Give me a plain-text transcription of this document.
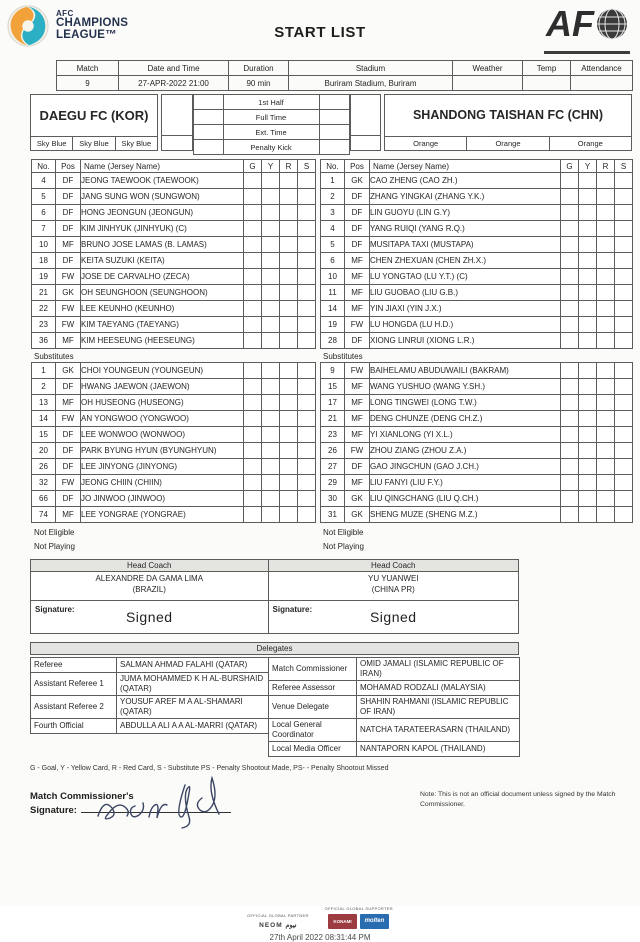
AFC
CHAMPIONS
LEAGUE™	START LIST	AF
Match	Date and Time	Duration	Stadium	Weather	Temp	Attendance
9	27-APR-2022 21:00	90 min	Buriram Stadium, Buriram			
DAEGU FC (KOR)
Sky Blue	Sky Blue	Sky Blue
	1st Half	
	Full Time	
	Ext. Time	
	Penalty Kick	
SHANDONG TAISHAN FC (CHN)
Orange	Orange	Orange
No.	Pos	Name (Jersey Name)	G	Y	R	S
4	DF	JEONG TAEWOOK (TAEWOOK)				
5	DF	JANG SUNG WON (SUNGWON)				
6	DF	HONG JEONGUN (JEONGUN)				
7	DF	KIM JINHYUK (JINHYUK) (C)				
10	MF	BRUNO JOSE LAMAS (B. LAMAS)				
18	DF	KEITA SUZUKI (KEITA)				
19	FW	JOSE DE CARVALHO (ZECA)				
21	GK	OH SEUNGHOON (SEUNGHOON)				
22	FW	LEE KEUNHO (KEUNHO)				
23	FW	KIM TAEYANG (TAEYANG)				
36	MF	KIM HEESEUNG (HEESEUNG)				
Substitutes
1	GK	CHOI YOUNGEUN (YOUNGEUN)				
2	DF	HWANG JAEWON (JAEWON)				
13	MF	OH HUSEONG (HUSEONG)				
14	FW	AN YONGWOO (YONGWOO)				
15	DF	LEE WONWOO (WONWOO)				
20	DF	PARK BYUNG HYUN (BYUNGHYUN)				
26	DF	LEE JINYONG (JINYONG)				
32	FW	JEONG CHIIN (CHIIN)				
66	DF	JO JINWOO (JINWOO)				
74	MF	LEE YONGRAE (YONGRAE)				
Not Eligible
Not Playing
No.	Pos	Name (Jersey Name)	G	Y	R	S
1	GK	CAO ZHENG (CAO ZH.)				
2	DF	ZHANG YINGKAI (ZHANG Y.K.)				
3	DF	LIN GUOYU (LIN G.Y)				
4	DF	YANG RUIQI (YANG R.Q.)				
5	DF	MUSITAPA TAXI (MUSTAPA)				
6	MF	CHEN ZHEXUAN (CHEN ZH.X.)				
10	MF	LU YONGTAO (LU Y.T.) (C)				
11	MF	LIU GUOBAO (LIU G.B.)				
14	MF	YIN JIAXI (YIN J.X.)				
19	FW	LU HONGDA (LU H.D.)				
28	DF	XIONG LINRUI (XIONG L.R.)				
Substitutes
9	FW	BAIHELAMU ABUDUWAILI (BAKRAM)				
15	MF	WANG YUSHUO (WANG Y.SH.)				
17	MF	LONG TINGWEI (LONG T.W.)				
21	MF	DENG CHUNZE (DENG CH.Z.)				
23	MF	YI XIANLONG (YI X.L.)				
26	FW	ZHOU ZIANG (ZHOU Z.A.)				
27	DF	GAO JINGCHUN (GAO J.CH.)				
29	MF	LIU FANYI (LIU F.Y.)				
30	GK	LIU QINGCHANG (LIU Q.CH.)				
31	GK	SHENG MUZE (SHENG M.Z.)				
Not Eligible
Not Playing
Head Coach
ALEXANDRE DA GAMA LIMA
(BRAZIL)
Signature:	Signed
Head Coach
YU YUANWEI
(CHINA PR)
Signature:	Signed
Delegates
Referee	SALMAN AHMAD FALAHI (QATAR)
Assistant Referee 1	JUMA MOHAMMED K H AL-BURSHAID (QATAR)
Assistant Referee 2	YOUSUF AREF M A AL-SHAMARI (QATAR)
Fourth Official	ABDULLA ALI A A AL-MARRI (QATAR)
Match Commissioner	OMID JAMALI (ISLAMIC REPUBLIC OF IRAN)
Referee Assessor	MOHAMAD RODZALI (MALAYSIA)
Venue Delegate	SHAHIN RAHMANI (ISLAMIC REPUBLIC OF IRAN)
Local General Coordinator	NATCHA TARATEERASARN (THAILAND)
Local Media Officer	NANTAPORN KAPOL (THAILAND)
G - Goal, Y - Yellow Card, R - Red Card, S - Substitute PS - Penalty Shootout Made, PS- - Penalty Shootout Missed
Match Commissioner's
Signature:
Note: This is not an official document unless signed by the Match Commissioner.
OFFICIAL GLOBAL PARTNER
NEOM نيوم
OFFICIAL GLOBAL SUPPORTER
KONAMI	molten
27th April 2022 08:31:44 PM
